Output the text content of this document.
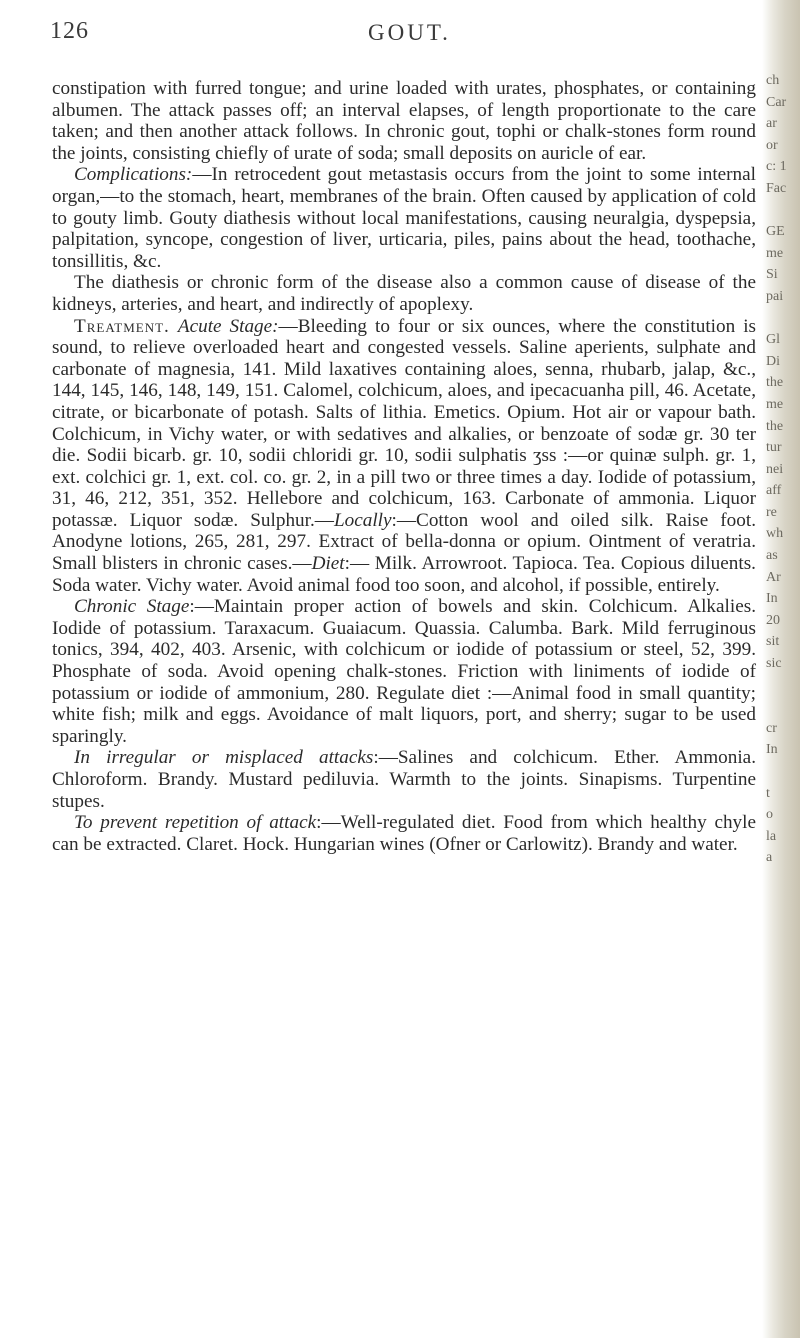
126	GOUT.

constipation with furred tongue; and urine loaded with urates, phosphates, or containing albumen. The attack passes off; an interval elapses, of length proportionate to the care taken; and then another attack follows. In chronic gout, tophi or chalk-stones form round the joints, consisting chiefly of urate of soda; small deposits on auricle of ear.

Complications:—In retrocedent gout metastasis occurs from the joint to some internal organ,—to the stomach, heart, membranes of the brain. Often caused by application of cold to gouty limb. Gouty diathesis without local manifestations, causing neuralgia, dyspepsia, palpitation, syncope, congestion of liver, urticaria, piles, pains about the head, toothache, tonsillitis, &c.

The diathesis or chronic form of the disease also a common cause of disease of the kidneys, arteries, and heart, and indirectly of apoplexy.

Treatment. Acute Stage:—Bleeding to four or six ounces, where the constitution is sound, to relieve overloaded heart and congested vessels. Saline aperients, sulphate and carbonate of magnesia, 141. Mild laxatives containing aloes, senna, rhubarb, jalap, &c., 144, 145, 146, 148, 149, 151. Calomel, colchicum, aloes, and ipecacuanha pill, 46. Acetate, citrate, or bicarbonate of potash. Salts of lithia. Emetics. Opium. Hot air or vapour bath. Colchicum, in Vichy water, or with sedatives and alkalies, or benzoate of sodæ gr. 30 ter die. Sodii bicarb. gr. 10, sodii chloridi gr. 10, sodii sulphatis ʒss :—or quinæ sulph. gr. 1, ext. colchici gr. 1, ext. col. co. gr. 2, in a pill two or three times a day. Iodide of potassium, 31, 46, 212, 351, 352. Hellebore and colchicum, 163. Carbonate of ammonia. Liquor potassæ. Liquor sodæ. Sulphur.—Locally:—Cotton wool and oiled silk. Raise foot. Anodyne lotions, 265, 281, 297. Extract of bella-donna or opium. Ointment of veratria. Small blisters in chronic cases.—Diet:— Milk. Arrowroot. Tapioca. Tea. Copious diluents. Soda water. Vichy water. Avoid animal food too soon, and alcohol, if possible, entirely.

Chronic Stage:—Maintain proper action of bowels and skin. Colchicum. Alkalies. Iodide of potassium. Taraxacum. Guaiacum. Quassia. Calumba. Bark. Mild ferruginous tonics, 394, 402, 403. Arsenic, with colchicum or iodide of potassium or steel, 52, 399. Phosphate of soda. Avoid opening chalk-stones. Friction with liniments of iodide of potassium or iodide of ammonium, 280. Regulate diet :—Animal food in small quantity; white fish; milk and eggs. Avoidance of malt liquors, port, and sherry; sugar to be used sparingly.

In irregular or misplaced attacks:—Salines and colchicum. Ether. Ammonia. Chloroform. Brandy. Mustard pediluvia. Warmth to the joints. Sinapisms. Turpentine stupes.

To prevent repetition of attack:—Well-regulated diet. Food from which healthy chyle can be extracted. Claret. Hock. Hungarian wines (Ofner or Carlowitz). Brandy and water.

ch
Car
ar
or
c: 1
Fac
GE
me
Si
pai
Gl
Di
the
me
the
tur
nei
aff
re
wh
as
Ar
In
20
sit
sic
cr
In
t
o
la
a
